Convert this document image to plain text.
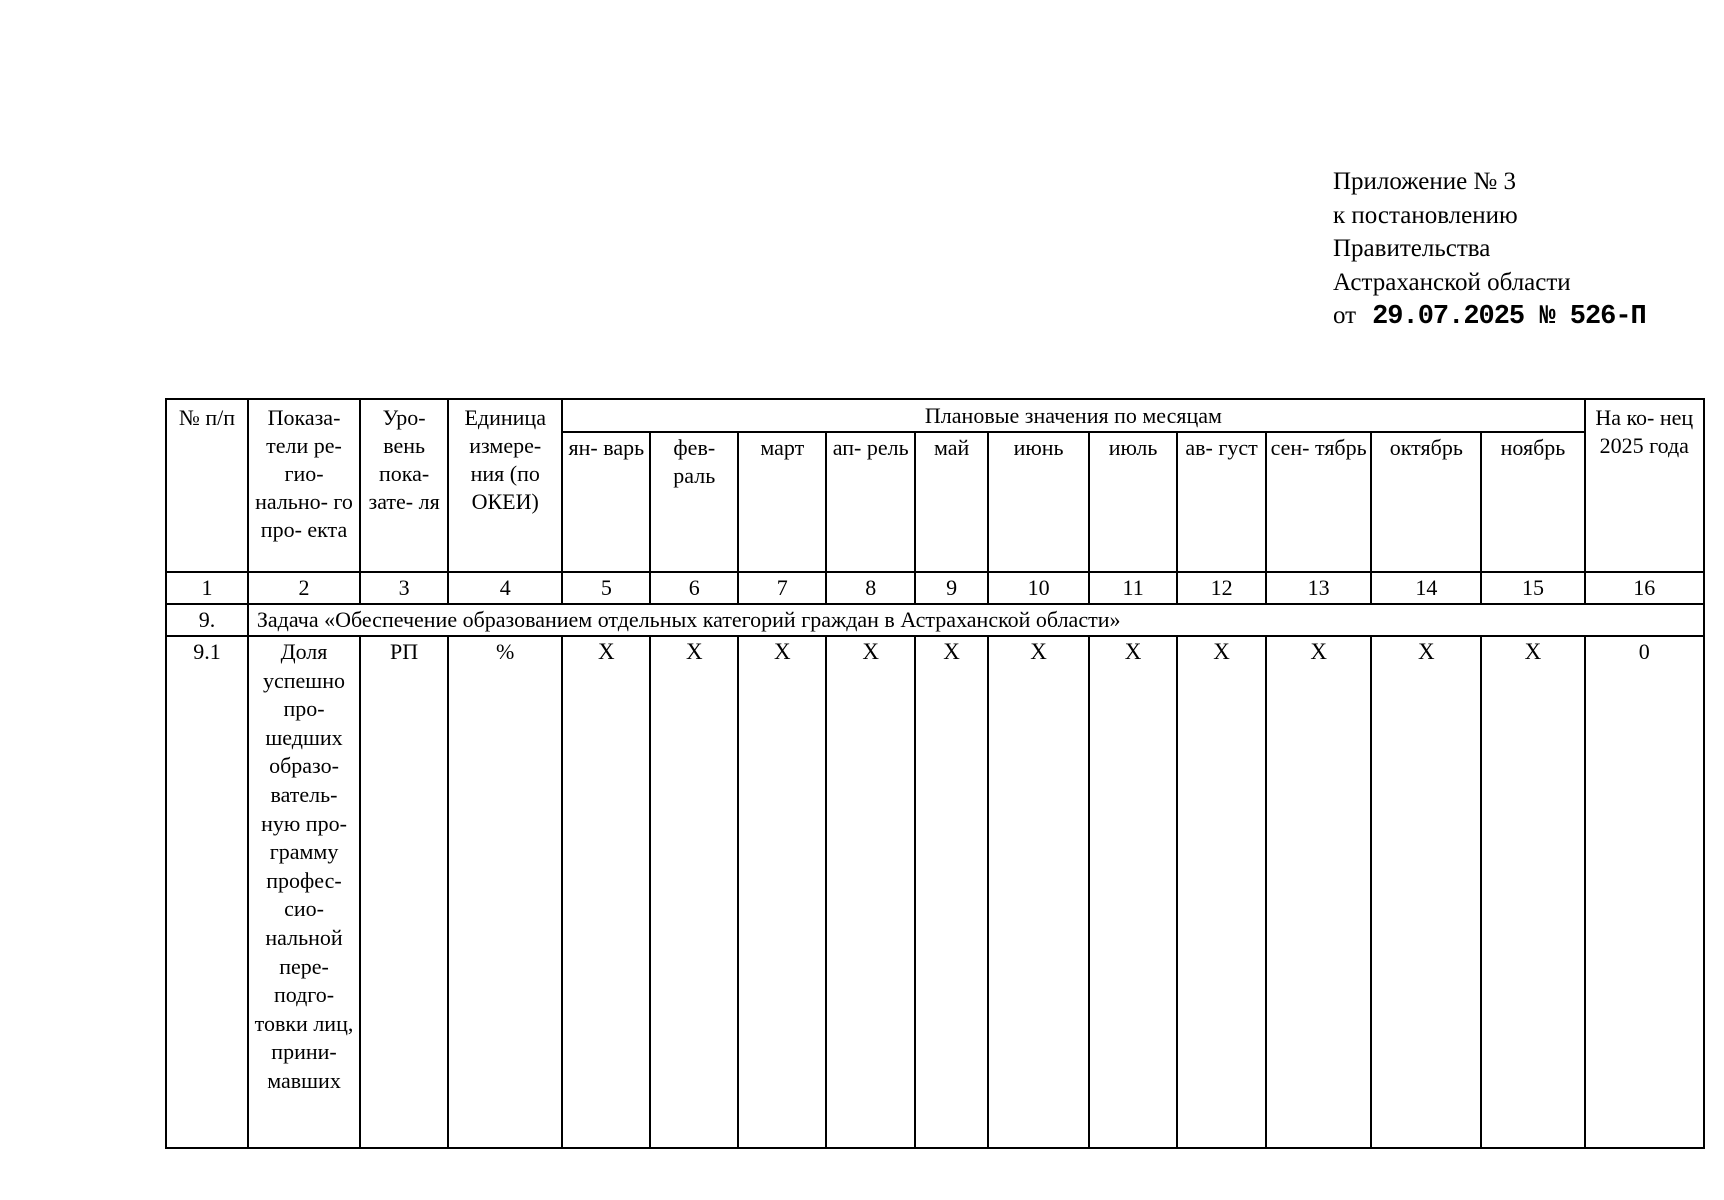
Приложение № 3
к постановлению
Правительства
Астраханской области
от 29.07.2025 № 526-П
№ п/п	Показа- тели ре- гио- нально- го про- екта	Уро- вень пока- зате- ля	Единица измере- ния (по ОКЕИ)	Плановые значения по месяцам											На ко- нец 2025 года
				ян- варь	фев- раль	март	ап- рель	май	июнь	июль	ав- густ	сен- тябрь	октябрь	ноябрь	
1	2	3	4	5	6	7	8	9	10	11	12	13	14	15	16
9.	Задача «Обеспечение образованием отдельных категорий граждан в Астраханской области»														
9.1	Доля успешно про- шедших образо- ватель- ную про- грамму профес- сио- нальной пере- подго- товки лиц, прини- мавших	РП	%	X	X	X	X	X	X	X	X	X	X	X	0
